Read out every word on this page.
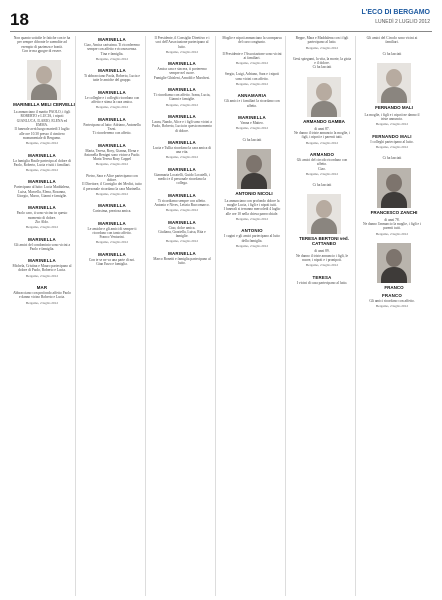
18	L'ECO DI BERGAMO
LUNEDÌ 2 LUGLIO 2012

Non quanto sottolie le fatiche con te ha per sempre difronte le saemdite ad esempio di pazienza e bontà.

Con te ma gpogre di essere.

MARINELLA MELI CERVELLI

La annunciano il marito PAOLO, i figli ROBERTO e LUCIA, i nipoti GIANLUCA, ILARIO, ELENA ed EMMA.

Il funerale avrà luogo martedì 3 luglio alle ore 10.30 presso il cimitero monumentale di Bergamo.

Bergamo, 2 luglio 2012

MARINELLA

La famiglia Basile partecipa al dolore di Paolo, Roberto, Lucia e tutti i familiari.

Bergamo, 2 luglio 2012

MARINELLA

Partecipano al lutto: Lucia Maddalena, Luisa, Marcella, Elena, Rosanna, Giorgio, Marco, Gianni e famiglie.

MARINELLA

Paolo caro, ti sono vicino in questo momento di dolore.

Zio Aldo.

Bergamo, 2 luglio 2012

MARINELLA

Gli amici del condominio sono vicini a Paolo e famiglia.

MARINELLA

Michela, Cristina e Mauro partecipano al dolore di Paolo, Roberto e Lucia.

Bergamo, 2 luglio 2012

MAR

Abbracciano con profondo affetto Paolo e danno vicino Roberto e Lucia.

Bergamo, 2 luglio 2012

MARINELLA

Ciao, Amica carissima. Ti ricorderemo sempre con affetto e riconoscenza.

Tina e famiglia.

Bergamo, 2 luglio 2012

MARINELLA

Ti abbracciano Paola, Roberto, Lucia e tutte le amiche del gruppo.

MARINELLA

Le colleghe e i colleghi ricordano con affetto e stima la cara amica.

Bergamo, 2 luglio 2012

MARINELLA

Partecipano al lutto: Adriano, Antonella Tezzi.

Ti ricorderemo con affetto.

MARINELLA

Maria, Teresa, Rosy, Gianna, Elena e Antonella Benigni sono vicine a Paolo.

Maria Teresa Rosy Cappel

Bergamo, 2 luglio 2012

Pietro, Sara e Alice partecipano con dolore.

Il Direttore, il Consiglio dei Medici, tutto il personale ricordano la cara Marinella.

Bergamo, 2 luglio 2012

MARINELLA

Carissima, preziosa amica.

MARINELLA

Le amiche e gli amici di sempre ti ricordano con tanto affetto.

Franco Venturini.

Bergamo, 2 luglio 2012

MARINELLA

Con te se ne va una parte di noi.

Gian Enzo e famiglia.

Il Presidente, il Consiglio Direttivo e i soci dell'Associazione partecipano al lutto.

Bergamo, 2 luglio 2012

MARINELLA

Amica cara e sincera, ti porteremo sempre nel cuore.

Famiglie Ghisleni, Arnoldi e Marchesi.

MARINELLA

Ti ricordiamo con affetto. Ivana, Lucia, Gianni e famiglie.

Bergamo, 2 luglio 2012

MARINELLA

Laura, Nando, Alice e i figli sono vicini a Paolo, Roberto, Lucia in questo momento di dolore.

MARINELLA

Lucia e Tullia ricordano la cara amica di una vita.

Bergamo, 2 luglio 2012

MARINELLA

Gianmaria Locatelli, Guido Locatelli, i medici e il personale ricordano la collega.

MARINELLA

Ti ricordiamo sempre con affetto.

Antonio e Nives, Letizia Buccomarco.

Bergamo, 2 luglio 2012

MARINELLA

Ciao, dolce amica.

Giuliana, Graziella, Luisa, Rita e famiglie.

Bergamo, 2 luglio 2012

MARINELLA

Marco Bonetti e famiglia partecipano al lutto.

Moglie e nipoti annunciano la scomparsa del caro congiunto.

Il Presidente e l'Associazione sono vicini ai familiari.

Bergamo, 2 luglio 2012

Sergio, Luigi, Adriano, Sara e i nipoti sono vicini con affetto.

Bergamo, 2 luglio 2012

ANNAMARIA

Gli amici e i familiari la ricordano con affetto.

MARINELLA

Vanna e Matteo.

Bergamo, 2 luglio 2012

Ci ha lasciati

ANTONIO NICOLI

La annunciano con profondo dolore la moglie Lucia, i figli e i nipoti tutti.

I funerali si terranno mercoledì 4 luglio alle ore 10 nella chiesa parrocchiale.

Bergamo, 2 luglio 2012

ANTONIO

I cugini e gli amici partecipano al lutto della famiglia.

Bergamo, 2 luglio 2012

Beppe, Mara e Maddalena con i figli partecipano al lutto.

Bergamo, 2 luglio 2012

Gesù spiegami, la vita, la morte, la gioia e il dolore.

Ci ha lasciati

ARMANDO GAMBA

di anni 87.

Ne danno il triste annuncio la moglie, i figli, i nipoti e i parenti tutti.

Bergamo, 2 luglio 2012

ARMANDO

Gli amici del circolo ricordano con affetto.

Ciao.

Bergamo, 2 luglio 2012

Ci ha lasciati

TERESA BERTONI ved. CATTANEO

di anni 89.

Ne danno il triste annuncio i figli, le nuore, i nipoti e i pronipoti.

Bergamo, 2 luglio 2012

TERESA

I vicini di casa partecipano al lutto.

Gli amici del Circolo sono vicini ai familiari.

Ci ha lasciati

FERNANDO MALI

La moglie, i figli e i nipoti ne danno il triste annuncio.

Bergamo, 2 luglio 2012

FERNANDO MALI

I colleghi partecipano al lutto.

Bergamo, 2 luglio 2012

Ci ha lasciati

FRANCESCO ZANCHI

di anni 78.

Ne danno l'annuncio la moglie, i figli e i parenti tutti.

Bergamo, 2 luglio 2012

FRANCO
FRANCO

Gli amici ricordano con affetto.

Bergamo, 2 luglio 2012
